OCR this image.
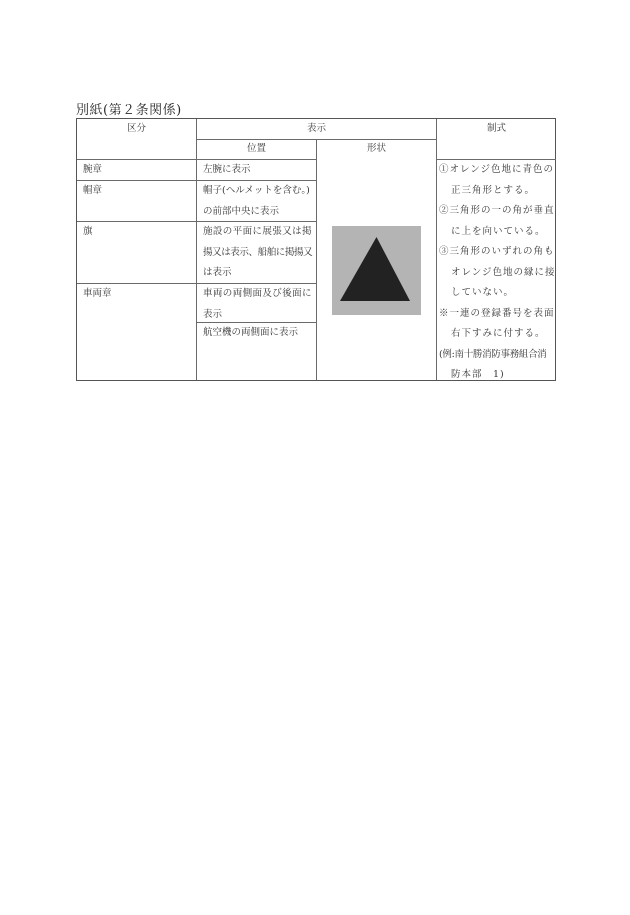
別紙(第２条関係)
区分	表示
位置	形状
制式
腕章	左腕に表示
帽章	帽子(ヘルメットを含む。)
の前部中央に表示
旗	施設の平面に展張又は掲
揚又は表示、船舶に掲揚又
は表示
車両章	車両の両側面及び後面に
表示
航空機の両側面に表示
①オレンジ色地に青色の
正三角形とする。
②三角形の一の角が垂直
に上を向いている。
③三角形のいずれの角も
オレンジ色地の縁に接
していない。
※一連の登録番号を表面
右下すみに付する。
(例:南十勝消防事務組合消
防本部　1)
